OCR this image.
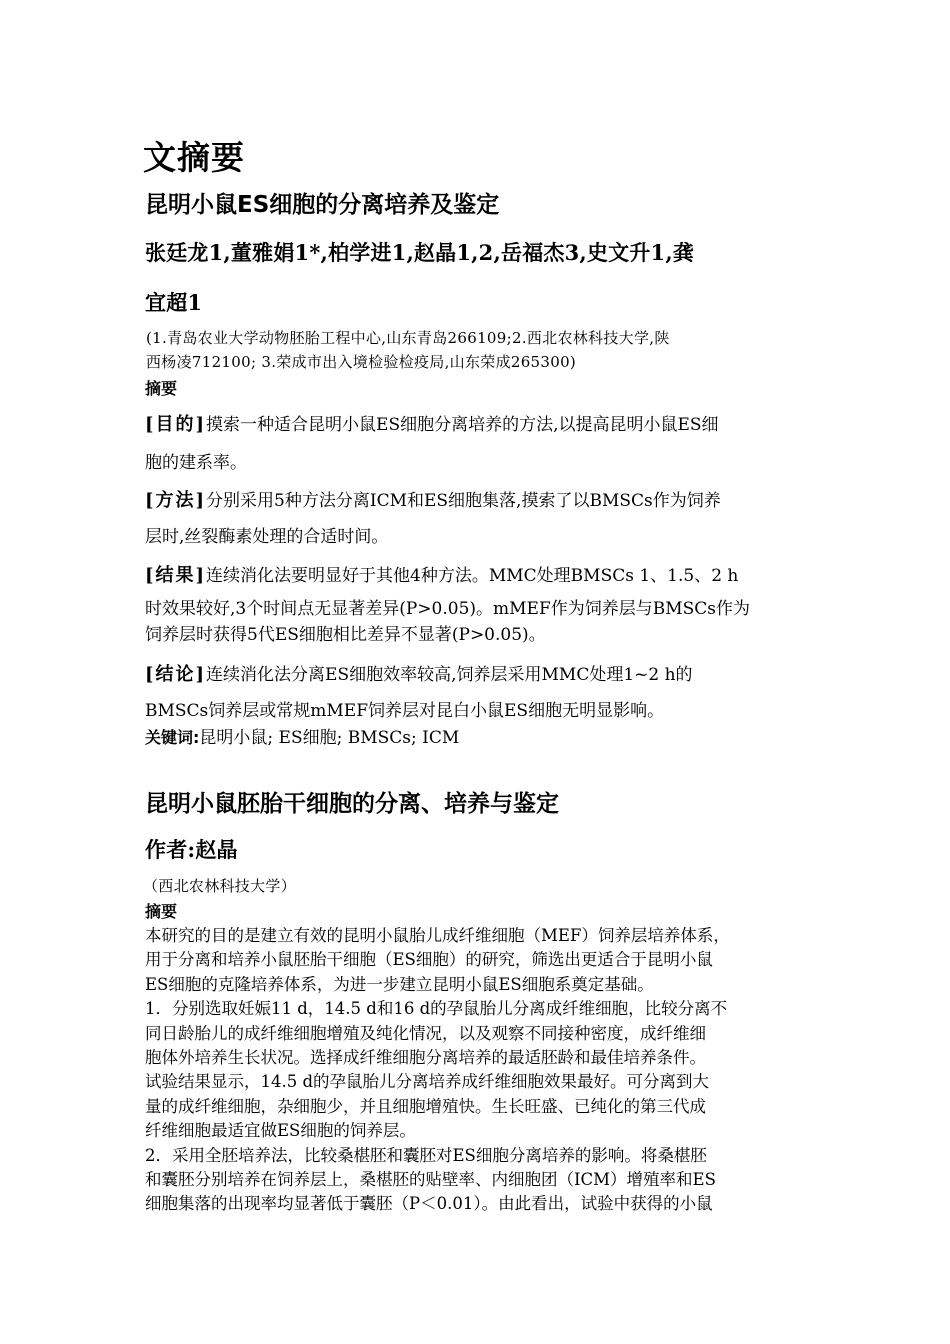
文摘要
昆明小鼠ES细胞的分离培养及鉴定
张廷龙1,董雅娟1*,柏学进1,赵晶1,2,岳福杰3,史文升1,龚
宜超1
(1.青岛农业大学动物胚胎工程中心,山东青岛266109;2.西北农林科技大学,陕
西杨凌712100; 3.荣成市出入境检验检疫局,山东荣成265300)
摘要
[目的]摸索一种适合昆明小鼠ES细胞分离培养的方法,以提高昆明小鼠ES细
胞的建系率。
[方法]分别采用5种方法分离ICM和ES细胞集落,摸索了以BMSCs作为饲养
层时,丝裂酶素处理的合适时间。
[结果]连续消化法要明显好于其他4种方法。MMC处理BMSCs 1、1.5、2 h
时效果较好,3个时间点无显著差异(P>0.05)。mMEF作为饲养层与BMSCs作为
饲养层时获得5代ES细胞相比差异不显著(P>0.05)。
[结论]连续消化法分离ES细胞效率较高,饲养层采用MMC处理1~2 h的
BMSCs饲养层或常规mMEF饲养层对昆白小鼠ES细胞无明显影响。
关键词:昆明小鼠; ES细胞; BMSCs; ICM
昆明小鼠胚胎干细胞的分离、培养与鉴定
作者:赵晶
（西北农林科技大学）
摘要
本研究的目的是建立有效的昆明小鼠胎儿成纤维细胞（MEF）饲养层培养体系，
用于分离和培养小鼠胚胎干细胞（ES细胞）的研究，筛选出更适合于昆明小鼠
ES细胞的克隆培养体系，为进一步建立昆明小鼠ES细胞系奠定基础。
1．分别选取妊娠11 d，14.5 d和16 d的孕鼠胎儿分离成纤维细胞，比较分离不
同日龄胎儿的成纤维细胞增殖及纯化情况，以及观察不同接种密度，成纤维细
胞体外培养生长状况。选择成纤维细胞分离培养的最适胚龄和最佳培养条件。
试验结果显示，14.5 d的孕鼠胎儿分离培养成纤维细胞效果最好。可分离到大
量的成纤维细胞，杂细胞少，并且细胞增殖快。生长旺盛、已纯化的第三代成
纤维细胞最适宜做ES细胞的饲养层。
2．采用全胚培养法，比较桑椹胚和囊胚对ES细胞分离培养的影响。将桑椹胚
和囊胚分别培养在饲养层上，桑椹胚的贴壁率、内细胞团（ICM）增殖率和ES
细胞集落的出现率均显著低于囊胚（P＜0.01）。由此看出，试验中获得的小鼠
